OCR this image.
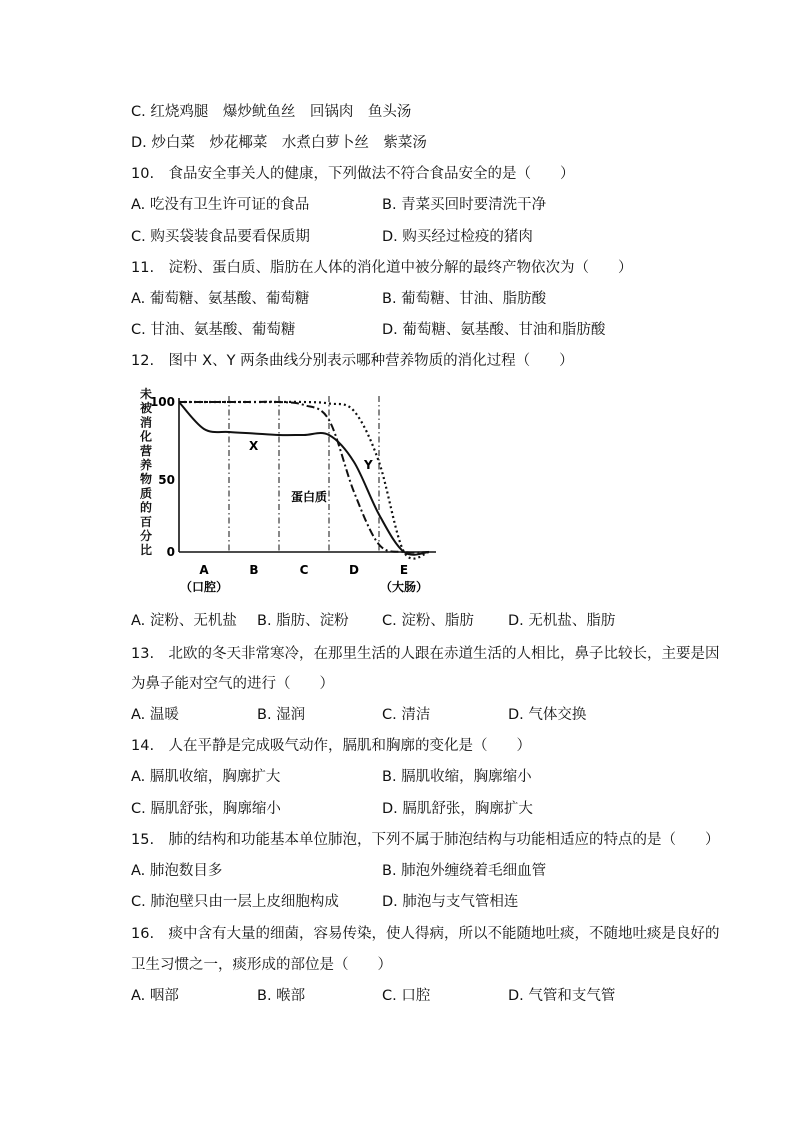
C. 红烧鸡腿　爆炒鱿鱼丝　回锅肉　鱼头汤
D. 炒白菜　炒花椰菜　水煮白萝卜丝　紫菜汤
10.　食品安全事关人的健康，下列做法不符合食品安全的是（　　）
A. 吃没有卫生许可证的食品	B. 青菜买回时要清洗干净
C. 购买袋装食品要看保质期	D. 购买经过检疫的猪肉
11.　淀粉、蛋白质、脂肪在人体的消化道中被分解的最终产物依次为（　　）
A. 葡萄糖、氨基酸、葡萄糖	B. 葡萄糖、甘油、脂肪酸
C. 甘油、氨基酸、葡萄糖	D. 葡萄糖、氨基酸、甘油和脂肪酸
12.　图中 X、Y 两条曲线分别表示哪种营养物质的消化过程（　　）
未被消化营养物质的百分比
100
50
0
A
（口腔）
B	C	D	E
（大肠）
X
Y
蛋白质
A. 淀粉、无机盐 B. 脂肪、淀粉 C. 淀粉、脂肪 D. 无机盐、脂肪
13.　北欧的冬天非常寒冷，在那里生活的人跟在赤道生活的人相比，鼻子比较长，主要是因
为鼻子能对空气的进行（　　）
A. 温暖	B. 湿润	C. 清洁	D. 气体交换
14.　人在平静是完成吸气动作，膈肌和胸廓的变化是（　　）
A. 膈肌收缩，胸廓扩大	B. 膈肌收缩，胸廓缩小
C. 膈肌舒张，胸廓缩小	D. 膈肌舒张，胸廓扩大
15.　肺的结构和功能基本单位肺泡，下列不属于肺泡结构与功能相适应的特点的是（　　）
A. 肺泡数目多	B. 肺泡外缠绕着毛细血管
C. 肺泡壁只由一层上皮细胞构成	D. 肺泡与支气管相连
16.　痰中含有大量的细菌，容易传染，使人得病，所以不能随地吐痰，不随地吐痰是良好的
卫生习惯之一，痰形成的部位是（　　）
A. 咽部	B. 喉部	C. 口腔	D. 气管和支气管
